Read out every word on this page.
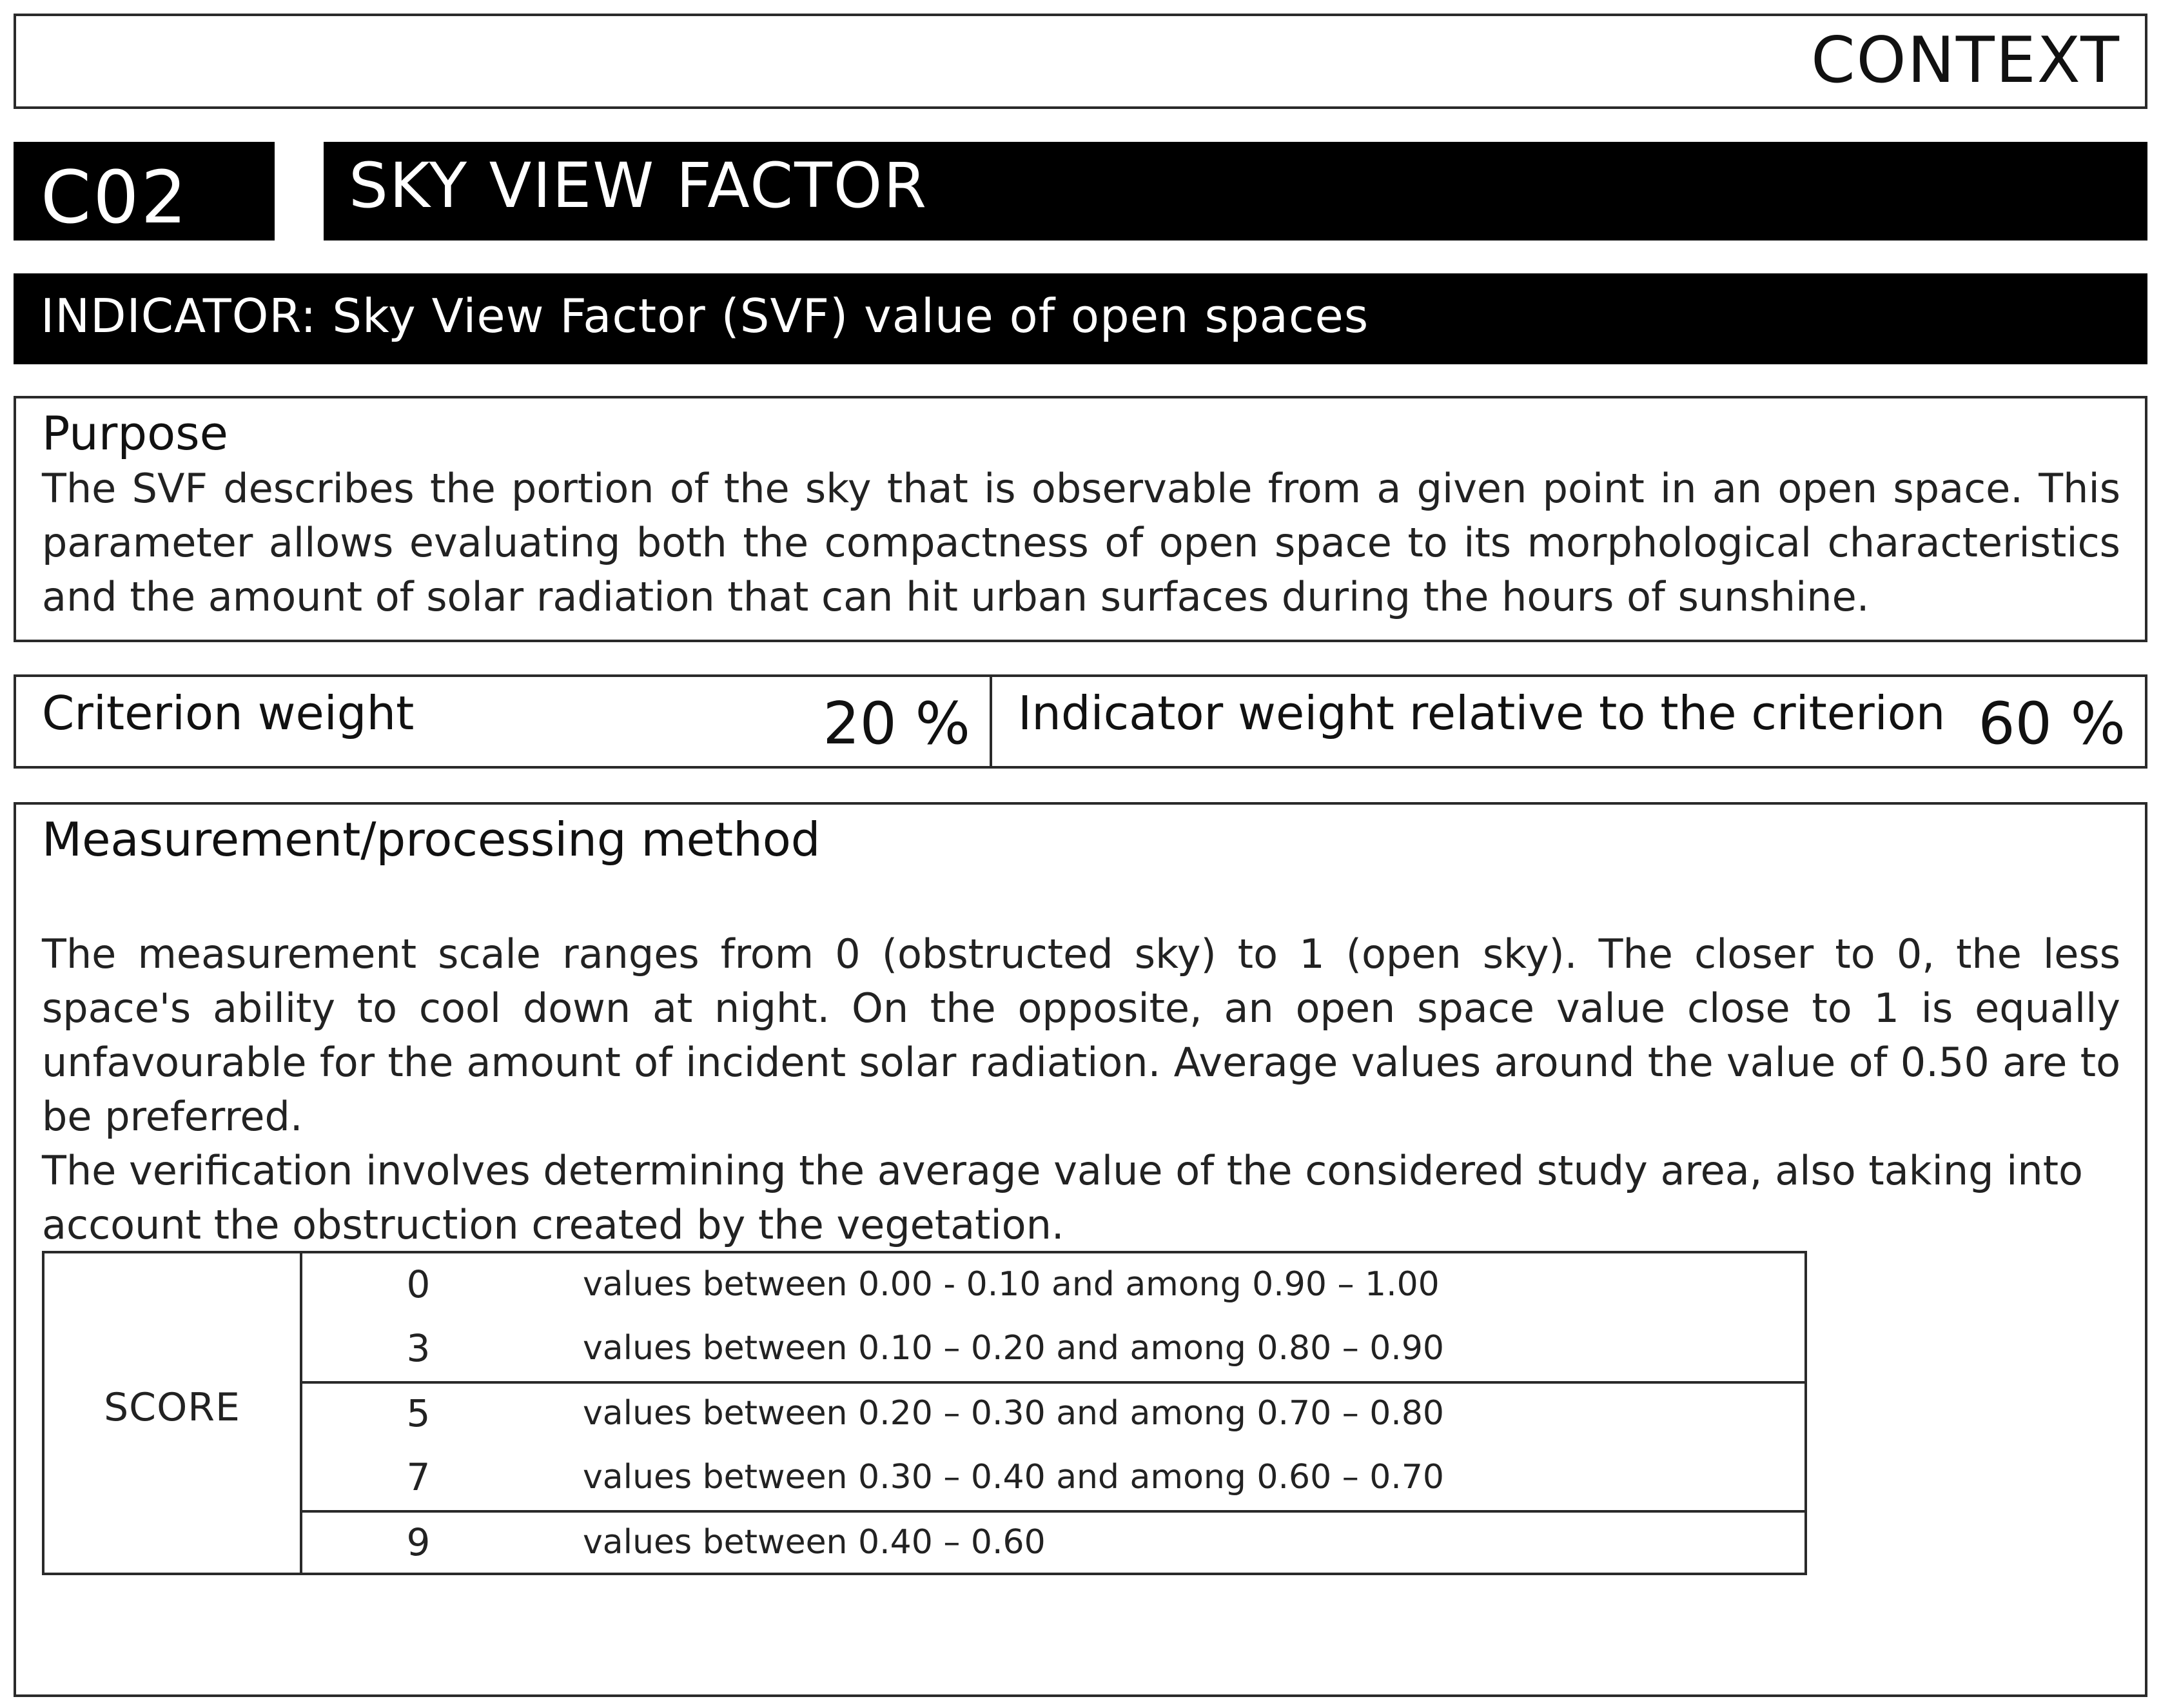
CONTEXT
C02	SKY VIEW FACTOR
INDICATOR: Sky View Factor (SVF) value of open spaces
Purpose
The SVF describes the portion of the sky that is observable from a given point in an open space. This parameter allows evaluating both the compactness of open space to its morphological characteristics and the amount of solar radiation that can hit urban surfaces during the hours of sunshine.
Criterion weight	20 % Indicator weight relative to the criterion 60 %
Measurement/processing method
The measurement scale ranges from 0 (obstructed sky) to 1 (open sky). The closer to 0, the less space's ability to cool down at night. On the opposite, an open space value close to 1 is equally unfavourable for the amount of incident solar radiation. Average values around the value of 0.50 are to be preferred.
The verification involves determining the average value of the considered study area, also taking into
account the obstruction created by the vegetation.
SCORE
0	values between 0.00 - 0.10 and among 0.90 – 1.00
3	values between 0.10 – 0.20 and among 0.80 – 0.90
5	values between 0.20 – 0.30 and among 0.70 – 0.80
7	values between 0.30 – 0.40 and among 0.60 – 0.70
9	values between 0.40 – 0.60
